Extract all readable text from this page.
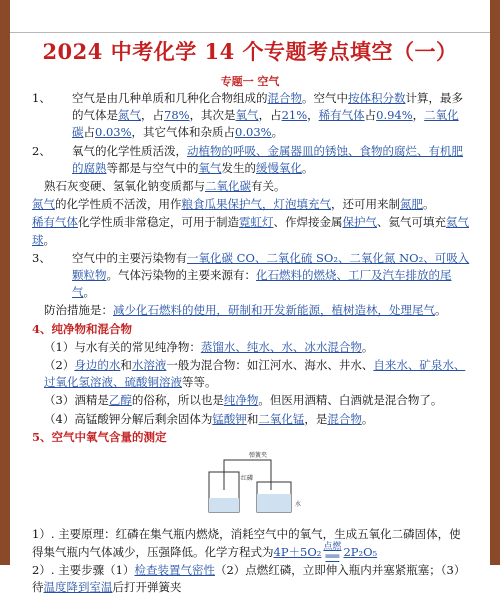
2024 中考化学 14 个专题考点填空（一）
专题一 空气
1、	空气是由几种单质和几种化合物组成的混合物。空气中按体积分数计算，最多的气体是氮气，占78%，其次是氧气，占21%，稀有气体占0.94%，二氧化碳占0.03%，其它气体和杂质占0.03%。
2、	氧气的化学性质活泼，动植物的呼吸、金属器皿的锈蚀、食物的腐烂、有机肥的腐熟等都是与空气中的氧气发生的缓慢氧化。
熟石灰变硬、氢氧化钠变质都与二氧化碳有关。
氮气的化学性质不活泼，用作粮食瓜果保护气，灯泡填充气，还可用来制氮肥。
稀有气体化学性质非常稳定，可用于制造霓虹灯、作焊接金属保护气、氦气可填充氦气球。
3、	空气中的主要污染物有一氧化碳 CO、二氧化硫 SO₂、二氧化氮 NO₂、可吸入颗粒物。气体污染物的主要来源有：化石燃料的燃烧、工厂及汽车排放的尾气。
防治措施是：减少化石燃料的使用，研制和开发新能源，植树造林，处理尾气。
4、纯净物和混合物
（1）与水有关的常见纯净物：蒸馏水、纯水、水、冰水混合物。
（2）身边的水和水溶液一般为混合物：如江河水、海水、井水、自来水、矿泉水、过氧化氢溶液、硫酸铜溶液等等。
（3）酒精是乙醇的俗称，所以也是纯净物。但医用酒精、白酒就是混合物了。
（4）高锰酸钾分解后剩余固体为锰酸钾和二氧化锰，是混合物。
5、空气中氧气含量的测定
弹簧夹
红磷
水
1）. 主要原理：红磷在集气瓶内燃烧，消耗空气中的氧气，生成五氧化二磷固体，使得集气瓶内气体减少，压强降低。化学方程式为4P＋5O₂ 点燃
══ 2P₂O₅
2）. 主要步骤（1）检查装置气密性（2）点燃红磷，立即伸入瓶内并塞紧瓶塞；（3）待温度降到室温后打开弹簧夹
